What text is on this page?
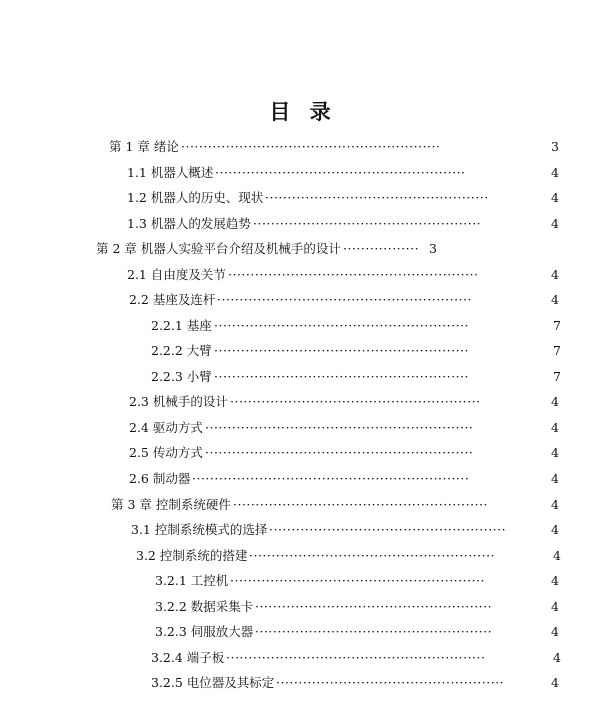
目 录
第 1 章 绪论	3
··························································
1.1 机器人概述	4
························································
1.2 机器人的历史、现状	4
··················································
1.3 机器人的发展趋势	4
···················································
第 2 章 机器人实验平台介绍及机械手的设计	3
·················
2.1 自由度及关节	4
························································
2.2 基座及连杆	4
·························································
2.2.1 基座	7
·························································
2.2.2 大臂	7
·························································
2.2.3 小臂	7
·························································
2.3 机械手的设计	4
························································
2.4 驱动方式	4
····························································
2.5 传动方式	4
····························································
2.6 制动器	4
······························································
第 3 章 控制系统硬件	4
·························································
3.1 控制系统模式的选择	4
·····················································
3.2 控制系统的搭建	4
·······················································
3.2.1 工控机	4
·························································
3.2.2 数据采集卡	4
·····················································
3.2.3 伺服放大器	4
·····················································
3.2.4 端子板	4
··························································
3.2.5 电位器及其标定	4
···················································
